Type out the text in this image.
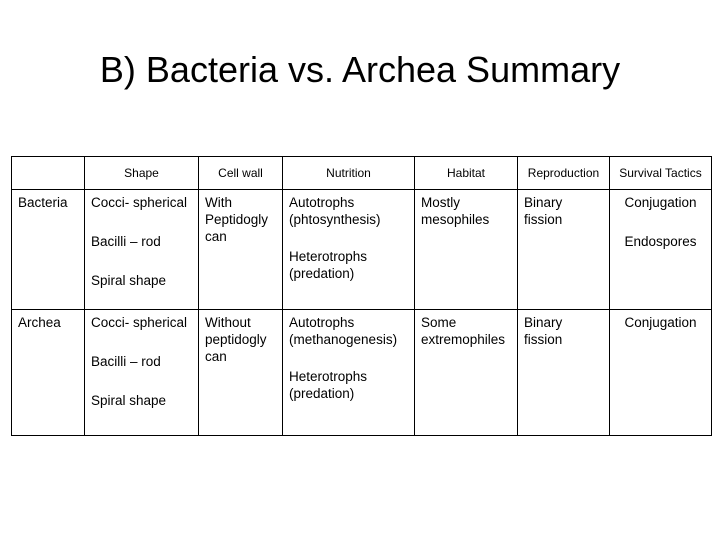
B) Bacteria vs. Archea Summary
	Shape	Cell wall	Nutrition	Habitat	Reproduction	Survival Tactics
Bacteria	Cocci- spherical
Bacilli – rod
Spiral shape	With
Peptidogly
can	Autotrophs
(phtosynthesis)
Heterotrophs
(predation)	Mostly
mesophiles	Binary
fission	Conjugation
Endospores

Archea	Cocci- spherical
Bacilli – rod
Spiral shape	Without
peptidogly
can	Autotrophs
(methanogenesis)
Heterotrophs
(predation)	Some
extremophiles	Binary
fission	Conjugation
